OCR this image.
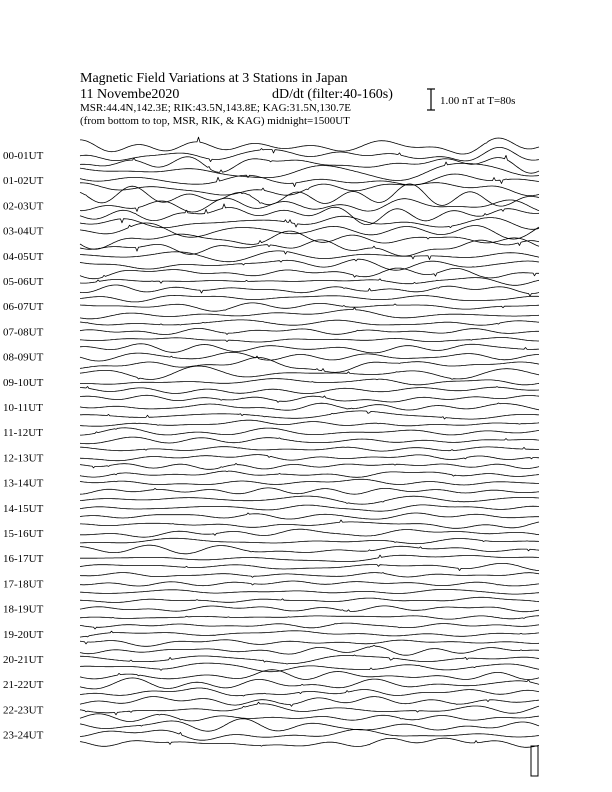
Magnetic Field Variations at 3 Stations in Japan
11 Novembe2020	dD/dt (filter:40-160s)
MSR:44.4N,142.3E; RIK:43.5N,143.8E; KAG:31.5N,130.7E
(from bottom to top, MSR, RIK, & KAG) midnight=1500UT
1.00 nT at T=80s
00-01UT
01-02UT
02-03UT
03-04UT
04-05UT
05-06UT
06-07UT
07-08UT
08-09UT
09-10UT
10-11UT
11-12UT
12-13UT
13-14UT
14-15UT
15-16UT
16-17UT
17-18UT
18-19UT
19-20UT
20-21UT
21-22UT
22-23UT
23-24UT
